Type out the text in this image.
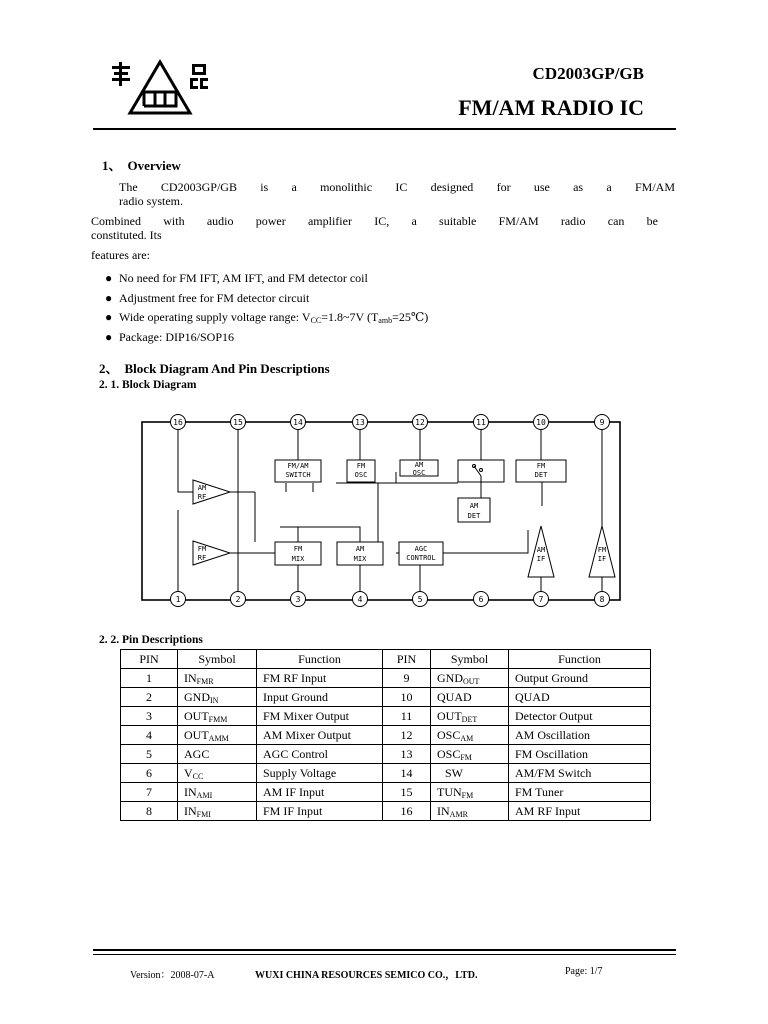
CD2003GP/GB
FM/AM RADIO IC
1、 Overview
The CD2003GP/GB is a monolithic IC designed for use as a FM/AM
radio system.
Combined with audio power amplifier IC, a suitable FM/AM radio can be
constituted. Its
features are:
● No need for FM IFT, AM IFT, and FM detector coil
● Adjustment free for FM detector circuit
● Wide operating supply voltage range: $V_{CC}=1.8\sim 7V$ $(T_{amb}=25℃)$
● Package: DIP16/SOP16
2、 Block Diagram And Pin Descriptions
2. 1. Block Diagram
16	15	14	13	12	11	10	9
1	2	3	4	5	6	7	8
FM/AM
SWITCH
FM
OSC
AM
OSC
FM
DET
AM
DET
FM
MIX
AM
MIX
AGC
CONTROL
AM
RF
FM
RF
AM
IF
FM
IF
2. 2. Pin Descriptions
PIN	Symbol	Function	PIN	Symbol	Function
1	$IN_{FMR}$	FM RF Input	9	$GND_{OUT}$	Output Ground
2	$GND_{IN}$	Input Ground	10	QUAD	QUAD
3	$OUT_{FMM}$	FM Mixer Output	11	$OUT_{DET}$	Detector Output
4	$OUT_{AMM}$	AM Mixer Output	12	$OSC_{AM}$	AM Oscillation
5	AGC	AGC Control	13	$OSC_{FM}$	FM Oscillation
6	$V_{CC}$	Supply Voltage	14	SW	AM/FM Switch
7	$IN_{AMI}$	AM IF Input	15	$TUN_{FM}$	FM Tuner
8	$IN_{FMI}$	FM IF Input	16	$IN_{AMR}$	AM RF Input
Version：2008-07-A	WUXI CHINA RESOURCES SEMICO CO.，LTD.	Page: 1/7
